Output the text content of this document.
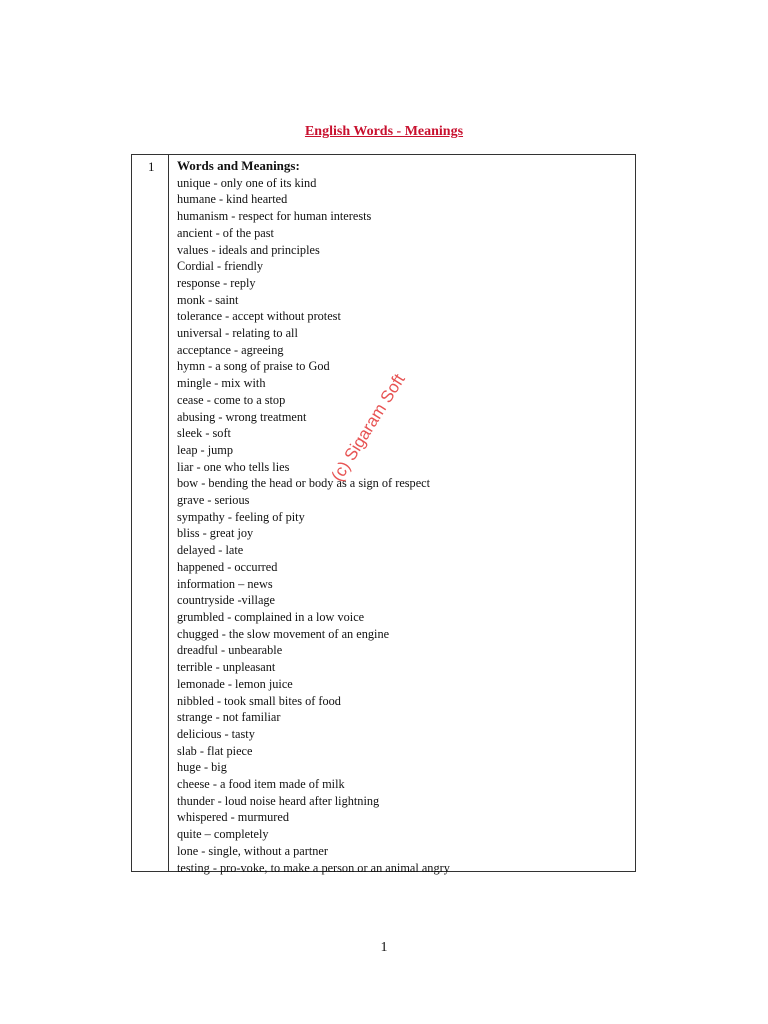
English Words - Meanings
1 Words and Meanings:

unique - only one of its kind
humane - kind hearted
humanism - respect for human interests
ancient - of the past
values - ideals and principles
Cordial - friendly
response - reply
monk - saint
tolerance - accept without protest
universal - relating to all
acceptance - agreeing
hymn - a song of praise to God
mingle - mix with
cease - come to a stop
abusing - wrong treatment
sleek - soft
leap - jump
liar - one who tells lies
bow - bending the head or body as a sign of respect
grave - serious
sympathy - feeling of pity
bliss - great joy
delayed - late
happened - occurred
information – news
countryside -village
grumbled - complained in a low voice
chugged - the slow movement of an engine
dreadful - unbearable
terrible - unpleasant
lemonade - lemon juice
nibbled - took small bites of food
strange - not familiar
delicious - tasty
slab - flat piece
huge - big
cheese - a food item made of milk
thunder - loud noise heard after lightning
whispered - murmured
quite – completely
lone - single, without a partner
testing - pro-voke, to make a person or an animal angry
(c) Sigaram Soft
1
